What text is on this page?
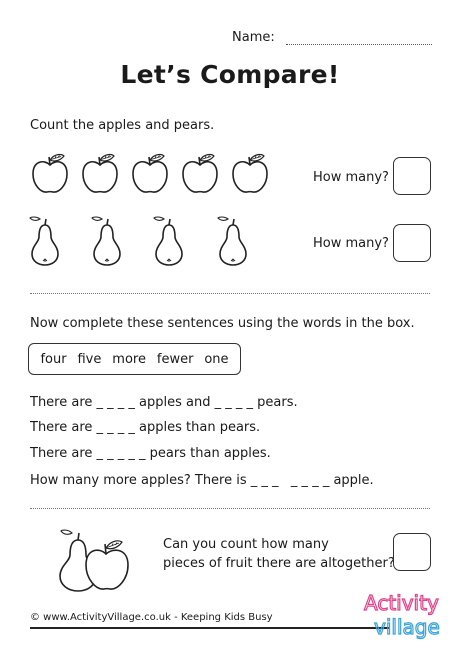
Name:
Let’s Compare!
Count the apples and pears.
How many?
How many?
Now complete these sentences using the words in the box.
four five more fewer one
There are _ _ _ _ apples and _ _ _ _ pears.
There are _ _ _ _ apples than pears.
There are _ _ _ _ _ pears than apples.
How many more apples? There is _ _ _   _ _ _ _ apple.
Can you count how many
pieces of fruit there are altogether?
© www.ActivityVillage.co.uk - Keeping Kids Busy
Activity
village
